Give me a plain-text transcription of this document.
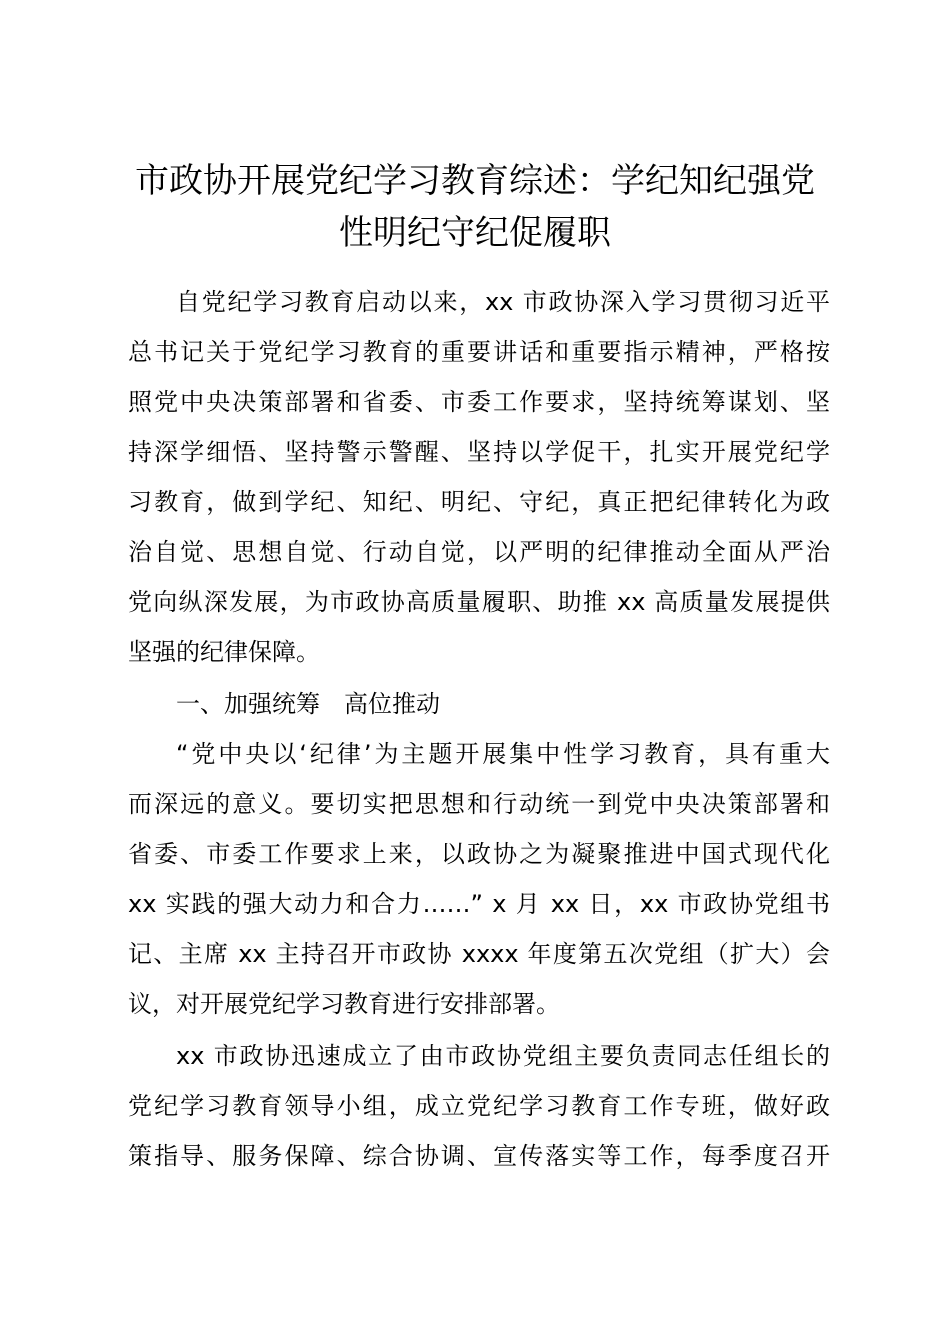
市政协开展党纪学习教育综述：学纪知纪强党
性明纪守纪促履职
自党纪学习教育启动以来，xx 市政协深入学习贯彻习近平
总书记关于党纪学习教育的重要讲话和重要指示精神，严格按
照党中央决策部署和省委、市委工作要求，坚持统筹谋划、坚
持深学细悟、坚持警示警醒、坚持以学促干，扎实开展党纪学
习教育，做到学纪、知纪、明纪、守纪，真正把纪律转化为政
治自觉、思想自觉、行动自觉，以严明的纪律推动全面从严治
党向纵深发展，为市政协高质量履职、助推 xx 高质量发展提供
坚强的纪律保障。
一、加强统筹　高位推动
“党中央以‘纪律’为主题开展集中性学习教育，具有重大
而深远的意义。要切实把思想和行动统一到党中央决策部署和
省委、市委工作要求上来，以政协之为凝聚推进中国式现代化
xx 实践的强大动力和合力……” x 月 xx 日，xx 市政协党组书
记、主席 xx 主持召开市政协 xxxx 年度第五次党组（扩大）会
议，对开展党纪学习教育进行安排部署。
xx 市政协迅速成立了由市政协党组主要负责同志任组长的
党纪学习教育领导小组，成立党纪学习教育工作专班，做好政
策指导、服务保障、综合协调、宣传落实等工作，每季度召开
